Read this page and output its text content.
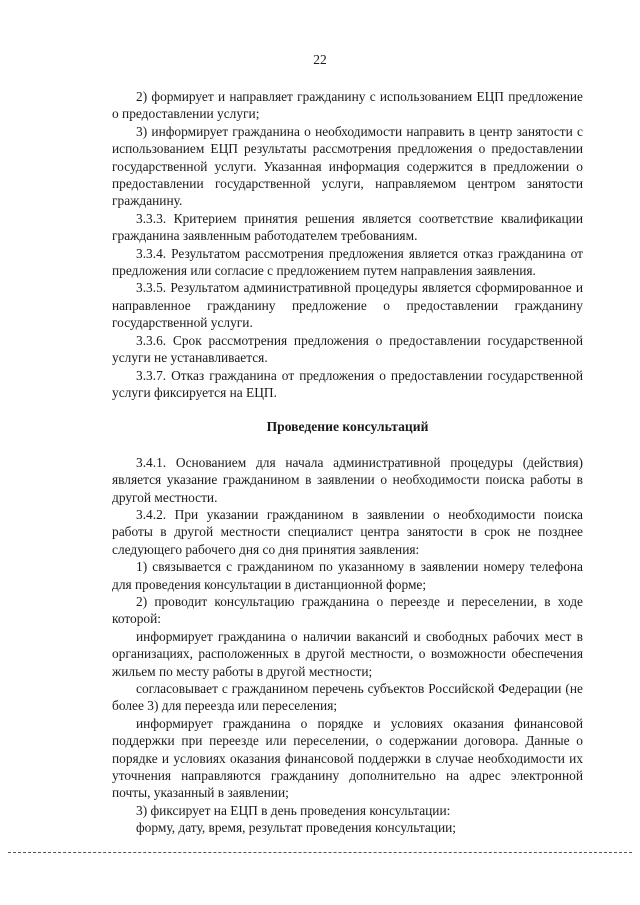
22

2) формирует и направляет гражданину с использованием ЕЦП предложение о предоставлении услуги;

3) информирует гражданина о необходимости направить в центр занятости с использованием ЕЦП результаты рассмотрения предложения о предоставлении государственной услуги. Указанная информация содержится в предложении о предоставлении государственной услуги, направляемом центром занятости гражданину.

3.3.3. Критерием принятия решения является соответствие квалификации гражданина заявленным работодателем требованиям.

3.3.4. Результатом рассмотрения предложения является отказ гражданина от предложения или согласие с предложением путем направления заявления.

3.3.5. Результатом административной процедуры является сформированное и направленное гражданину предложение о предоставлении гражданину государственной услуги.

3.3.6. Срок рассмотрения предложения о предоставлении государственной услуги не устанавливается.

3.3.7. Отказ гражданина от предложения о предоставлении государственной услуги фиксируется на ЕЦП.

Проведение консультаций

3.4.1. Основанием для начала административной процедуры (действия) является указание гражданином в заявлении о необходимости поиска работы в другой местности.

3.4.2. При указании гражданином в заявлении о необходимости поиска работы в другой местности специалист центра занятости в срок не позднее следующего рабочего дня со дня принятия заявления:

1) связывается с гражданином по указанному в заявлении номеру телефона для проведения консультации в дистанционной форме;

2) проводит консультацию гражданина о переезде и переселении, в ходе которой:

информирует гражданина о наличии вакансий и свободных рабочих мест в организациях, расположенных в другой местности, о возможности обеспечения жильем по месту работы в другой местности;

согласовывает с гражданином перечень субъектов Российской Федерации (не более 3) для переезда или переселения;

информирует гражданина о порядке и условиях оказания финансовой поддержки при переезде или переселении, о содержании договора. Данные о порядке и условиях оказания финансовой поддержки в случае необходимости их уточнения направляются гражданину дополнительно на адрес электронной почты, указанный в заявлении;

3) фиксирует на ЕЦП в день проведения консультации:

форму, дату, время, результат проведения консультации;
